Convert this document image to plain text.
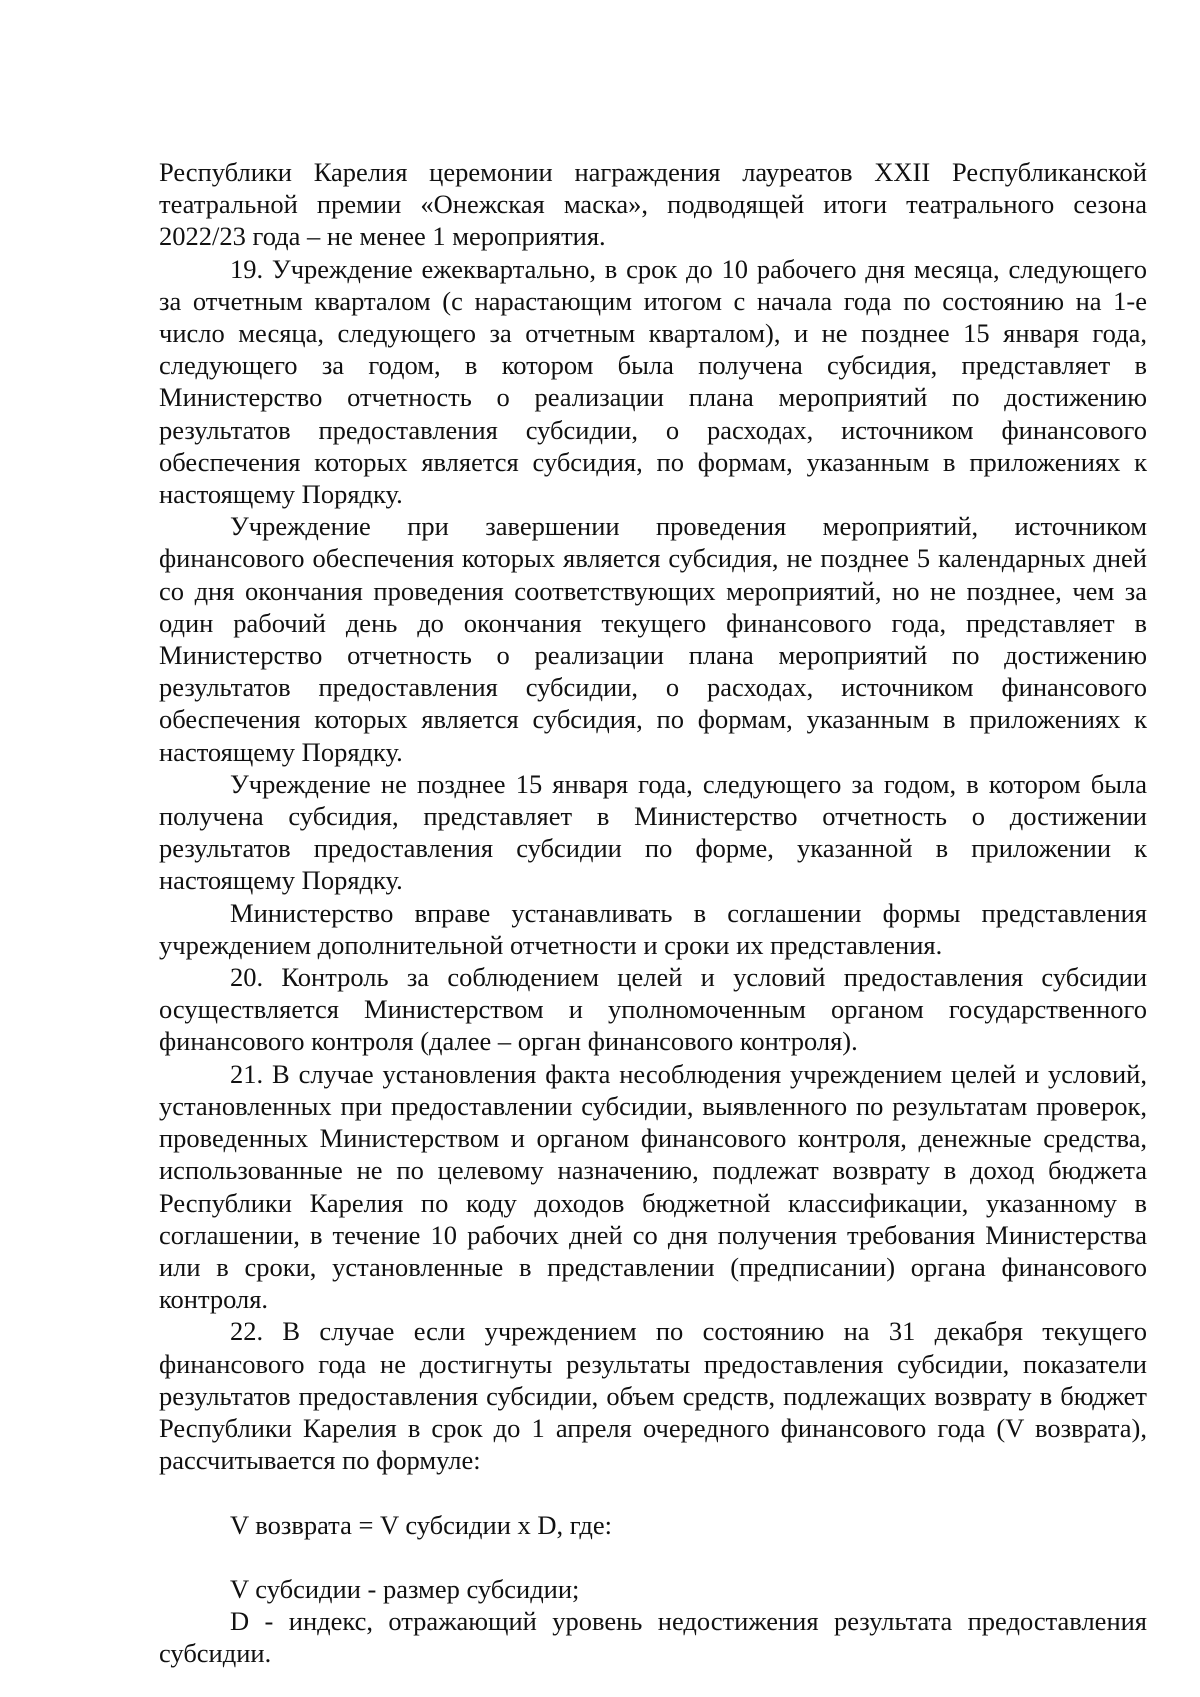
Республики Карелия церемонии награждения лауреатов XXII Республиканской театральной премии «Онежская маска», подводящей итоги театрального сезона 2022/23 года – не менее 1 мероприятия.

19. Учреждение ежеквартально, в срок до 10 рабочего дня месяца, следующего за отчетным кварталом (с нарастающим итогом с начала года по состоянию на 1-е число месяца, следующего за отчетным кварталом), и не позднее 15 января года, следующего за годом, в котором была получена субсидия, представляет в Министерство отчетность о реализации плана мероприятий по достижению результатов предоставления субсидии, о расходах, источником финансового обеспечения которых является субсидия, по формам, указанным в приложениях к настоящему Порядку.

Учреждение при завершении проведения мероприятий, источником финансового обеспечения которых является субсидия, не позднее 5 календарных дней со дня окончания проведения соответствующих мероприятий, но не позднее, чем за один рабочий день до окончания текущего финансового года, представляет в Министерство отчетность о реализации плана мероприятий по достижению результатов предоставления субсидии, о расходах, источником финансового обеспечения которых является субсидия, по формам, указанным в приложениях к настоящему Порядку.

Учреждение не позднее 15 января года, следующего за годом, в котором была получена субсидия, представляет в Министерство отчетность о достижении результатов предоставления субсидии по форме, указанной в приложении к настоящему Порядку.

Министерство вправе устанавливать в соглашении формы представления учреждением дополнительной отчетности и сроки их представления.

20. Контроль за соблюдением целей и условий предоставления субсидии осуществляется Министерством и уполномоченным органом государственного финансового контроля (далее – орган финансового контроля).

21. В случае установления факта несоблюдения учреждением целей и условий, установленных при предоставлении субсидии, выявленного по результатам проверок, проведенных Министерством и органом финансового контроля, денежные средства, использованные не по целевому назначению, подлежат возврату в доход бюджета Республики Карелия по коду доходов бюджетной классификации, указанному в соглашении, в течение 10 рабочих дней со дня получения требования Министерства или в сроки, установленные в представлении (предписании) органа финансового контроля.

22. В случае если учреждением по состоянию на 31 декабря текущего финансового года не достигнуты результаты предоставления субсидии, показатели результатов предоставления субсидии, объем средств, подлежащих возврату в бюджет Республики Карелия в срок до 1 апреля очередного финансового года (V возврата), рассчитывается по формуле:

V возврата = V субсидии х D, где:

V субсидии - размер субсидии;

D - индекс, отражающий уровень недостижения результата предоставления субсидии.
